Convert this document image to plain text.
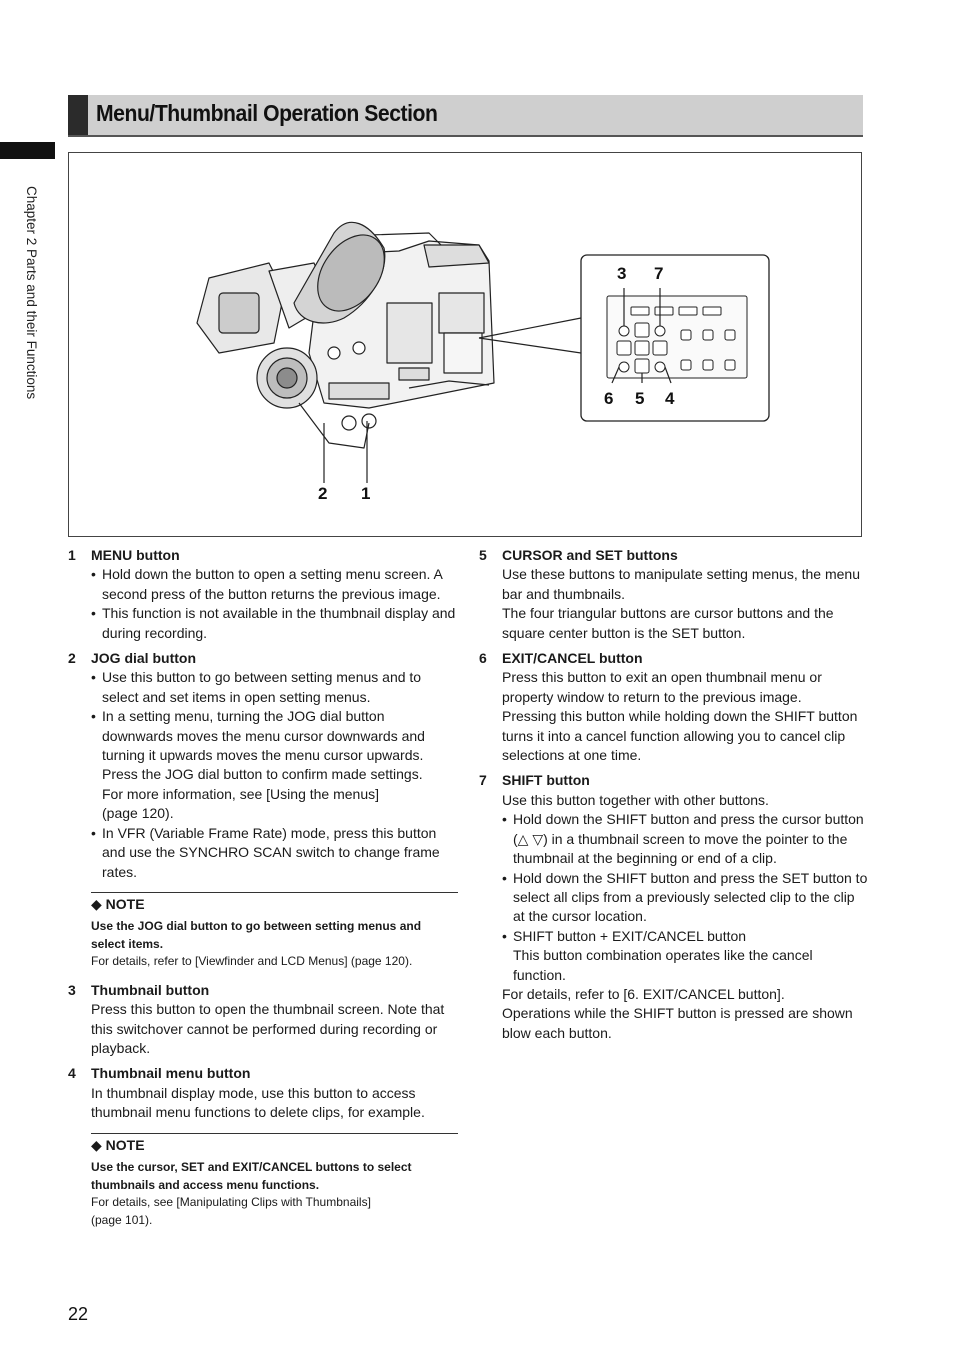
Menu/Thumbnail Operation Section
Chapter 2 Parts and their Functions	3 7
6 5 4
2 1
1	MENU button
• Hold down the button to open a setting menu screen. A second press of the button returns the previous image.
• This function is not available in the thumbnail display and during recording.
2	JOG dial button
• Use this button to go between setting menus and to select and set items in open setting menus.
• In a setting menu, turning the JOG dial button downwards moves the menu cursor downwards and turning it upwards moves the menu cursor upwards. Press the JOG dial button to confirm made settings.
For more information, see [Using the menus]
(page 120).
• In VFR (Variable Frame Rate) mode, press this button and use the SYNCHRO SCAN switch to change frame rates.
◆ NOTE
Use the JOG dial button to go between setting menus and select items.
For details, refer to [Viewfinder and LCD Menus] (page 120).
3	Thumbnail button

Press this button to open the thumbnail screen. Note that this switchover cannot be performed during recording or playback.

4	Thumbnail menu button

In thumbnail display mode, use this button to access thumbnail menu functions to delete clips, for example.

◆ NOTE
Use the cursor, SET and EXIT/CANCEL buttons to select thumbnails and access menu functions.
For details, see [Manipulating Clips with Thumbnails]
(page 101).
5	CURSOR and SET buttons

Use these buttons to manipulate setting menus, the menu bar and thumbnails.

The four triangular buttons are cursor buttons and the square center button is the SET button.

6	EXIT/CANCEL button

Press this button to exit an open thumbnail menu or property window to return to the previous image.

Pressing this button while holding down the SHIFT button turns it into a cancel function allowing you to cancel clip selections at one time.

7	SHIFT button

Use this button together with other buttons.

• Hold down the SHIFT button and press the cursor button (△ ▽) in a thumbnail screen to move the pointer to the thumbnail at the beginning or end of a clip.
• Hold down the SHIFT button and press the SET button to select all clips from a previously selected clip to the clip at the cursor location.
• SHIFT button + EXIT/CANCEL button
This button combination operates like the cancel function.

For details, refer to [6. EXIT/CANCEL button].

Operations while the SHIFT button is pressed are shown blow each button.

22
